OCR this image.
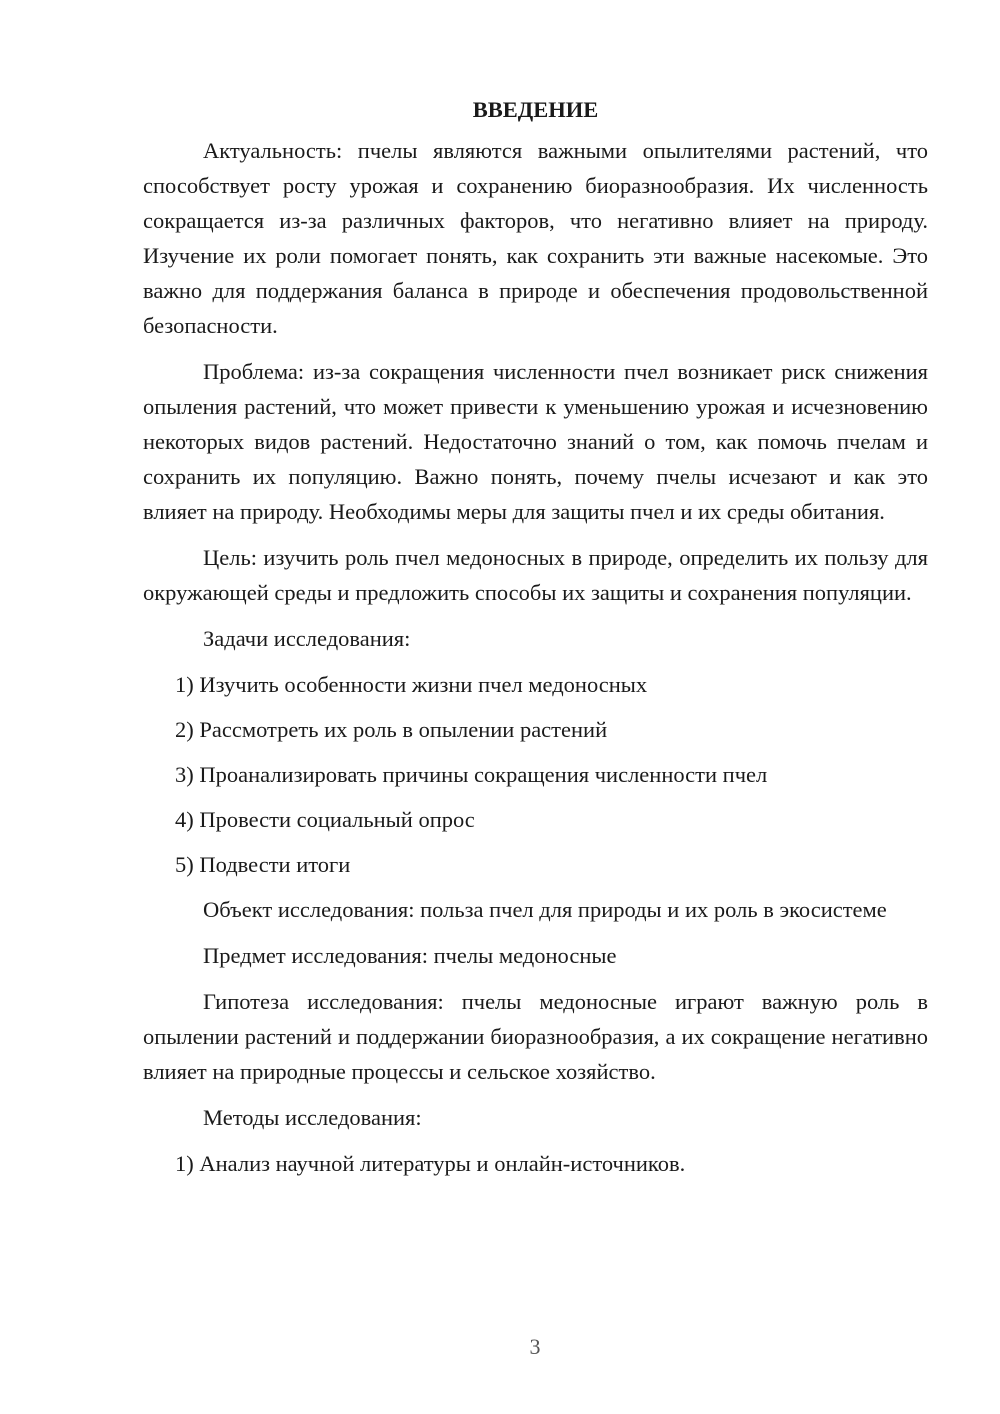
ВВЕДЕНИЕ

Актуальность: пчелы являются важными опылителями растений, что способствует росту урожая и сохранению биоразнообразия. Их численность сокращается из-за различных факторов, что негативно влияет на природу. Изучение их роли помогает понять, как сохранить эти важные насекомые. Это важно для поддержания баланса в природе и обеспечения продовольственной безопасности.

Проблема: из-за сокращения численности пчел возникает риск снижения опыления растений, что может привести к уменьшению урожая и исчезновению некоторых видов растений. Недостаточно знаний о том, как помочь пчелам и сохранить их популяцию. Важно понять, почему пчелы исчезают и как это влияет на природу. Необходимы меры для защиты пчел и их среды обитания.

Цель: изучить роль пчел медоносных в природе, определить их пользу для окружающей среды и предложить способы их защиты и сохранения популяции.

Задачи исследования:

1) Изучить особенности жизни пчел медоносных
2) Рассмотреть их роль в опылении растений
3) Проанализировать причины сокращения численности пчел
4) Провести социальный опрос
5) Подвести итоги

Объект исследования: польза пчел для природы и их роль в экосистеме

Предмет исследования: пчелы медоносные

Гипотеза исследования: пчелы медоносные играют важную роль в опылении растений и поддержании биоразнообразия, а их сокращение негативно влияет на природные процессы и сельское хозяйство.

Методы исследования:

1) Анализ научной литературы и онлайн-источников.
3
